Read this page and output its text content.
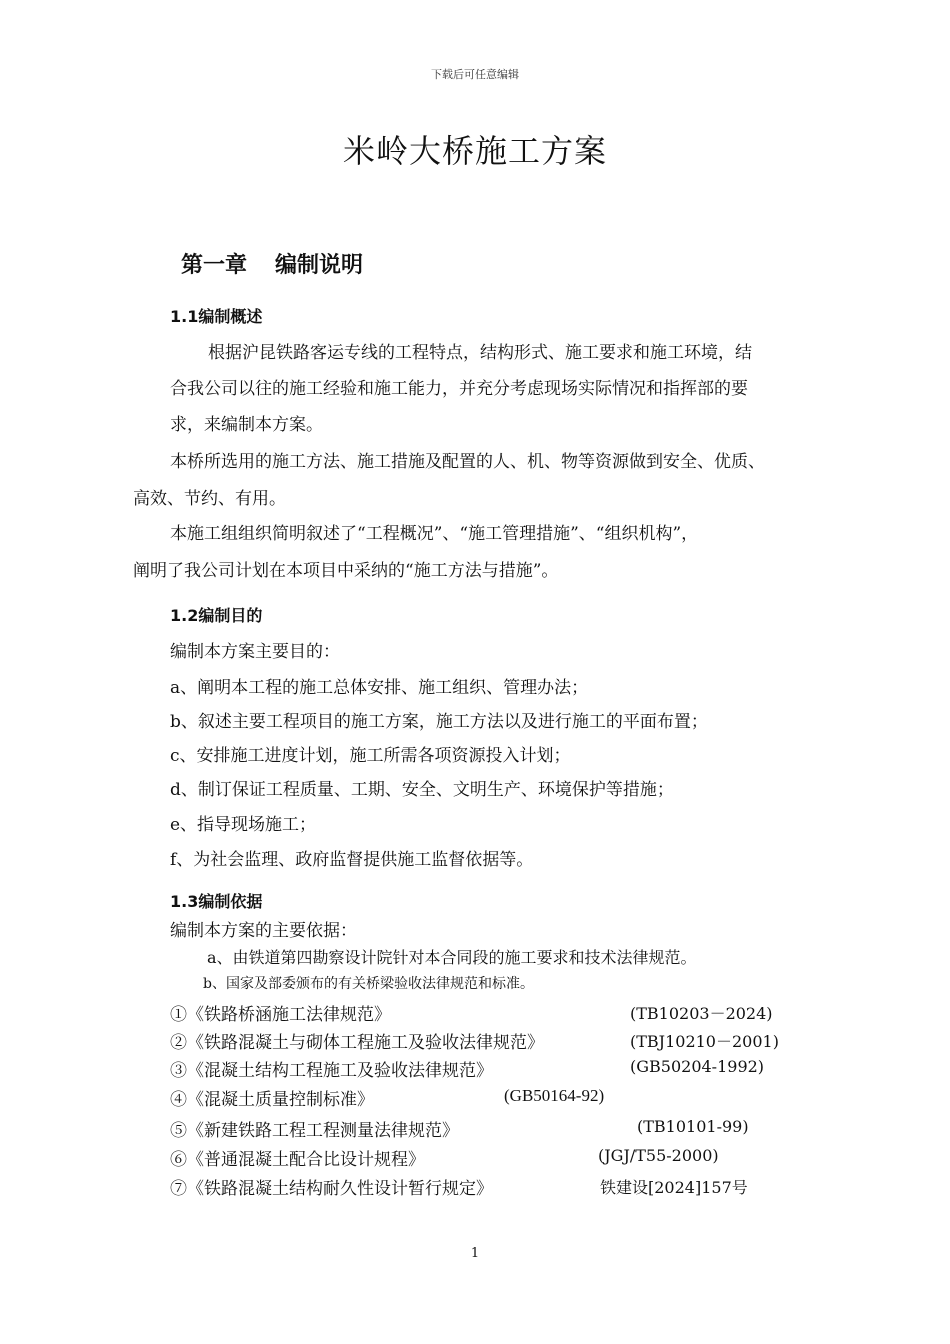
下载后可任意编辑
米岭大桥施工方案
第一章 编制说明
1.1编制概述
根据沪昆铁路客运专线的工程特点，结构形式、施工要求和施工环境，结
合我公司以往的施工经验和施工能力，并充分考虑现场实际情况和指挥部的要
求，来编制本方案。
本桥所选用的施工方法、施工措施及配置的人、机、物等资源做到安全、优质、
高效、节约、有用。
本施工组组织简明叙述了“工程概况”、“施工管理措施”、“组织机构”，
阐明了我公司计划在本项目中采纳的“施工方法与措施”。
1.2编制目的
编制本方案主要目的：
a、阐明本工程的施工总体安排、施工组织、管理办法；
b、叙述主要工程项目的施工方案，施工方法以及进行施工的平面布置；
c、安排施工进度计划，施工所需各项资源投入计划；
d、制订保证工程质量、工期、安全、文明生产、环境保护等措施；
e、指导现场施工；
f、为社会监理、政府监督提供施工监督依据等。
1.3编制依据
编制本方案的主要依据：
a、由铁道第四勘察设计院针对本合同段的施工要求和技术法律规范。
b、国家及部委颁布的有关桥梁验收法律规范和标准。
①《铁路桥涵施工法律规范》	(TB10203－2024)
②《铁路混凝土与砌体工程施工及验收法律规范》	(TBJ10210－2001)
③《混凝土结构工程施工及验收法律规范》	(GB50204-1992)
④《混凝土质量控制标准》	(GB50164-92)
⑤《新建铁路工程工程测量法律规范》	(TB10101-99)
⑥《普通混凝土配合比设计规程》	(JGJ/T55-2000)
⑦《铁路混凝土结构耐久性设计暂行规定》	铁建设[2024]157号
1
